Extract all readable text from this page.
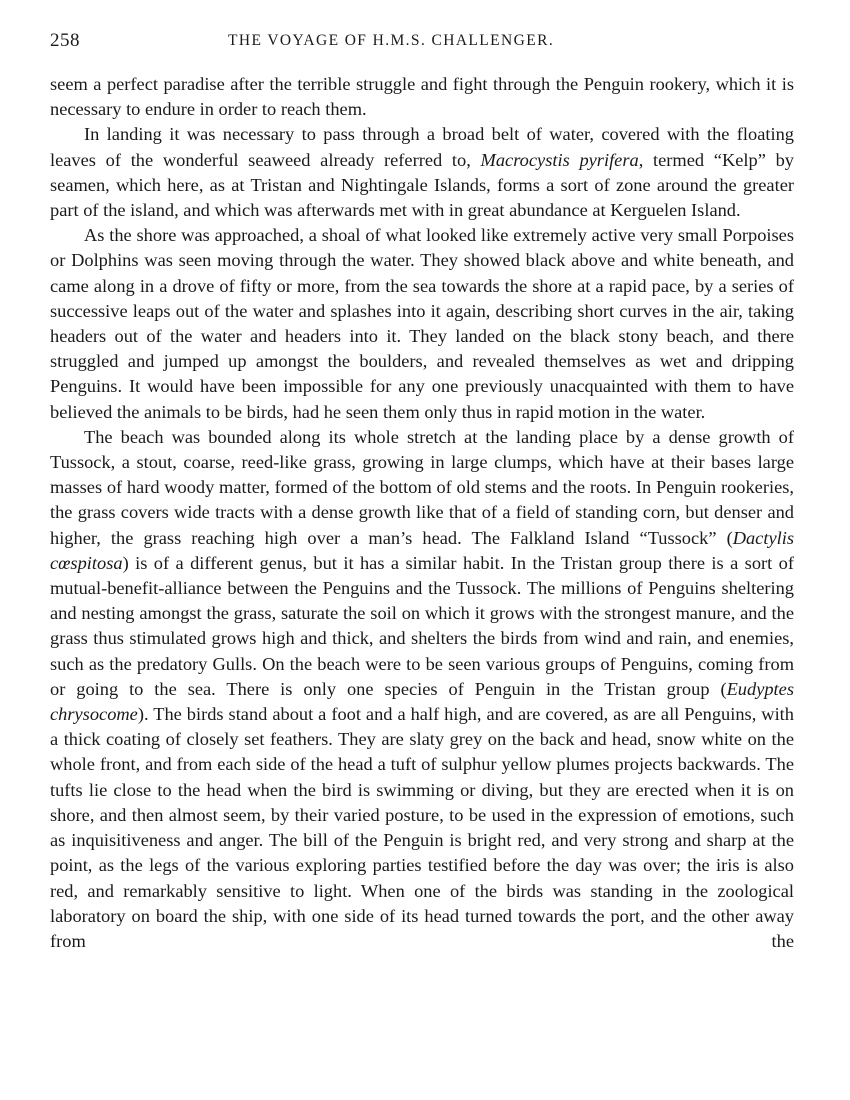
258	THE VOYAGE OF H.M.S. CHALLENGER.

seem a perfect paradise after the terrible struggle and fight through the Penguin rookery, which it is necessary to endure in order to reach them.

In landing it was necessary to pass through a broad belt of water, covered with the floating leaves of the wonderful seaweed already referred to, Macrocystis pyrifera, termed “Kelp” by seamen, which here, as at Tristan and Nightingale Islands, forms a sort of zone around the greater part of the island, and which was afterwards met with in great abundance at Kerguelen Island.

As the shore was approached, a shoal of what looked like extremely active very small Porpoises or Dolphins was seen moving through the water. They showed black above and white beneath, and came along in a drove of fifty or more, from the sea towards the shore at a rapid pace, by a series of successive leaps out of the water and splashes into it again, describing short curves in the air, taking headers out of the water and headers into it. They landed on the black stony beach, and there struggled and jumped up amongst the boulders, and revealed themselves as wet and dripping Penguins. It would have been impossible for any one previously unacquainted with them to have believed the animals to be birds, had he seen them only thus in rapid motion in the water.

The beach was bounded along its whole stretch at the landing place by a dense growth of Tussock, a stout, coarse, reed-like grass, growing in large clumps, which have at their bases large masses of hard woody matter, formed of the bottom of old stems and the roots. In Penguin rookeries, the grass covers wide tracts with a dense growth like that of a field of standing corn, but denser and higher, the grass reaching high over a man’s head. The Falkland Island “Tussock” (Dactylis cœspitosa) is of a different genus, but it has a similar habit. In the Tristan group there is a sort of mutual-benefit-alliance between the Penguins and the Tussock. The millions of Penguins sheltering and nesting amongst the grass, saturate the soil on which it grows with the strongest manure, and the grass thus stimulated grows high and thick, and shelters the birds from wind and rain, and enemies, such as the predatory Gulls. On the beach were to be seen various groups of Penguins, coming from or going to the sea. There is only one species of Penguin in the Tristan group (Eudyptes chrysocome). The birds stand about a foot and a half high, and are covered, as are all Penguins, with a thick coating of closely set feathers. They are slaty grey on the back and head, snow white on the whole front, and from each side of the head a tuft of sulphur yellow plumes projects backwards. The tufts lie close to the head when the bird is swimming or diving, but they are erected when it is on shore, and then almost seem, by their varied posture, to be used in the expression of emotions, such as inquisitiveness and anger. The bill of the Penguin is bright red, and very strong and sharp at the point, as the legs of the various exploring parties testified before the day was over; the iris is also red, and remarkably sensitive to light. When one of the birds was standing in the zoological laboratory on board the ship, with one side of its head turned towards the port, and the other away from the
